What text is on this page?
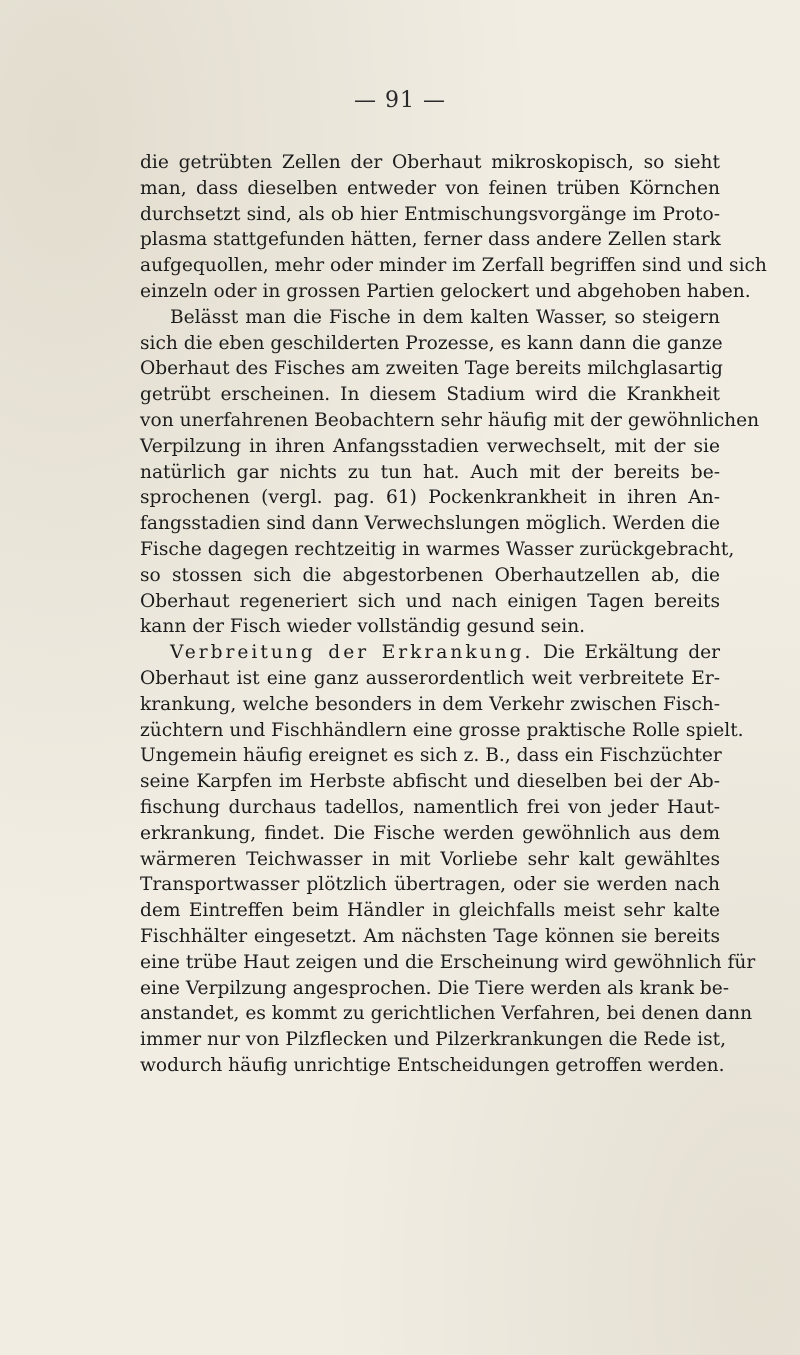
— 91 —
die getrübten Zellen der Oberhaut mikroskopisch, so sieht
man, dass dieselben entweder von feinen trüben Körnchen
durchsetzt sind, als ob hier Entmischungsvorgänge im Proto-
plasma stattgefunden hätten, ferner dass andere Zellen stark
aufgequollen, mehr oder minder im Zerfall begriffen sind und sich
einzeln oder in grossen Partien gelockert und abgehoben haben.
Belässt man die Fische in dem kalten Wasser, so steigern
sich die eben geschilderten Prozesse, es kann dann die ganze
Oberhaut des Fisches am zweiten Tage bereits milchglasartig
getrübt erscheinen. In diesem Stadium wird die Krankheit
von unerfahrenen Beobachtern sehr häufig mit der gewöhnlichen
Verpilzung in ihren Anfangsstadien verwechselt, mit der sie
natürlich gar nichts zu tun hat. Auch mit der bereits be-
sprochenen (vergl. pag. 61) Pockenkrankheit in ihren An-
fangsstadien sind dann Verwechslungen möglich. Werden die
Fische dagegen rechtzeitig in warmes Wasser zurückgebracht,
so stossen sich die abgestorbenen Oberhautzellen ab, die
Oberhaut regeneriert sich und nach einigen Tagen bereits
kann der Fisch wieder vollständig gesund sein.
Verbreitung der Erkrankung. Die Erkältung der
Oberhaut ist eine ganz ausserordentlich weit verbreitete Er-
krankung, welche besonders in dem Verkehr zwischen Fisch-
züchtern und Fischhändlern eine grosse praktische Rolle spielt.
Ungemein häufig ereignet es sich z. B., dass ein Fischzüchter
seine Karpfen im Herbste abfischt und dieselben bei der Ab-
fischung durchaus tadellos, namentlich frei von jeder Haut-
erkrankung, findet. Die Fische werden gewöhnlich aus dem
wärmeren Teichwasser in mit Vorliebe sehr kalt gewähltes
Transportwasser plötzlich übertragen, oder sie werden nach
dem Eintreffen beim Händler in gleichfalls meist sehr kalte
Fischhälter eingesetzt. Am nächsten Tage können sie bereits
eine trübe Haut zeigen und die Erscheinung wird gewöhnlich für
eine Verpilzung angesprochen. Die Tiere werden als krank be-
anstandet, es kommt zu gerichtlichen Verfahren, bei denen dann
immer nur von Pilzflecken und Pilzerkrankungen die Rede ist,
wodurch häufig unrichtige Entscheidungen getroffen werden.
